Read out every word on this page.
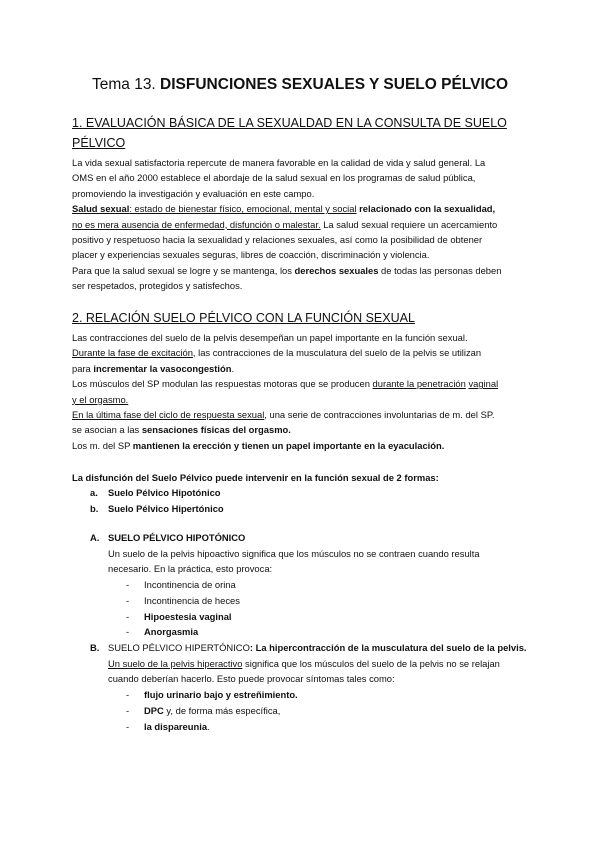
Tema 13. DISFUNCIONES SEXUALES Y SUELO PÉLVICO
1. EVALUACIÓN BÁSICA DE LA SEXUALDAD EN LA CONSULTA DE SUELO
PÉLVICO
La vida sexual satisfactoria repercute de manera favorable en la calidad de vida y salud general. La
OMS en el año 2000 establece el abordaje de la salud sexual en los programas de salud pública,
promoviendo la investigación y evaluación en este campo.
Salud sexual: estado de bienestar físico, emocional, mental y social relacionado con la sexualidad,
no es mera ausencia de enfermedad, disfunción o malestar. La salud sexual requiere un acercamiento
positivo y respetuoso hacia la sexualidad y relaciones sexuales, así como la posibilidad de obtener
placer y experiencias sexuales seguras, libres de coacción, discriminación y violencia.
Para que la salud sexual se logre y se mantenga, los derechos sexuales de todas las personas deben
ser respetados, protegidos y satisfechos.
2. RELACIÓN SUELO PÉLVICO CON LA FUNCIÓN SEXUAL
Las contracciones del suelo de la pelvis desempeñan un papel importante en la función sexual.
Durante la fase de excitación, las contracciones de la musculatura del suelo de la pelvis se utilizan
para incrementar la vasocongestión.
Los músculos del SP modulan las respuestas motoras que se producen durante la penetración vaginal
y el orgasmo.
En la última fase del ciclo de respuesta sexual, una serie de contracciones involuntarias de m. del SP.
se asocian a las sensaciones físicas del orgasmo.
Los m. del SP mantienen la erección y tienen un papel importante en la eyaculación.
La disfunción del Suelo Pélvico puede intervenir en la función sexual de 2 formas:
a. Suelo Pélvico Hipotónico
b. Suelo Pélvico Hipertónico
A. SUELO PÉLVICO HIPOTÓNICO
Un suelo de la pelvis hipoactivo significa que los músculos no se contraen cuando resulta
necesario. En la práctica, esto provoca:
- Incontinencia de orina
- Incontinencia de heces
- Hipoestesia vaginal
- Anorgasmia
B. SUELO PÉLVICO HIPERTÓNICO: La hipercontracción de la musculatura del suelo de la pelvis.
Un suelo de la pelvis hiperactivo significa que los músculos del suelo de la pelvis no se relajan
cuando deberían hacerlo. Esto puede provocar síntomas tales como:
- flujo urinario bajo y estreñimiento.
- DPC y, de forma más específica,
- la dispareunia.
